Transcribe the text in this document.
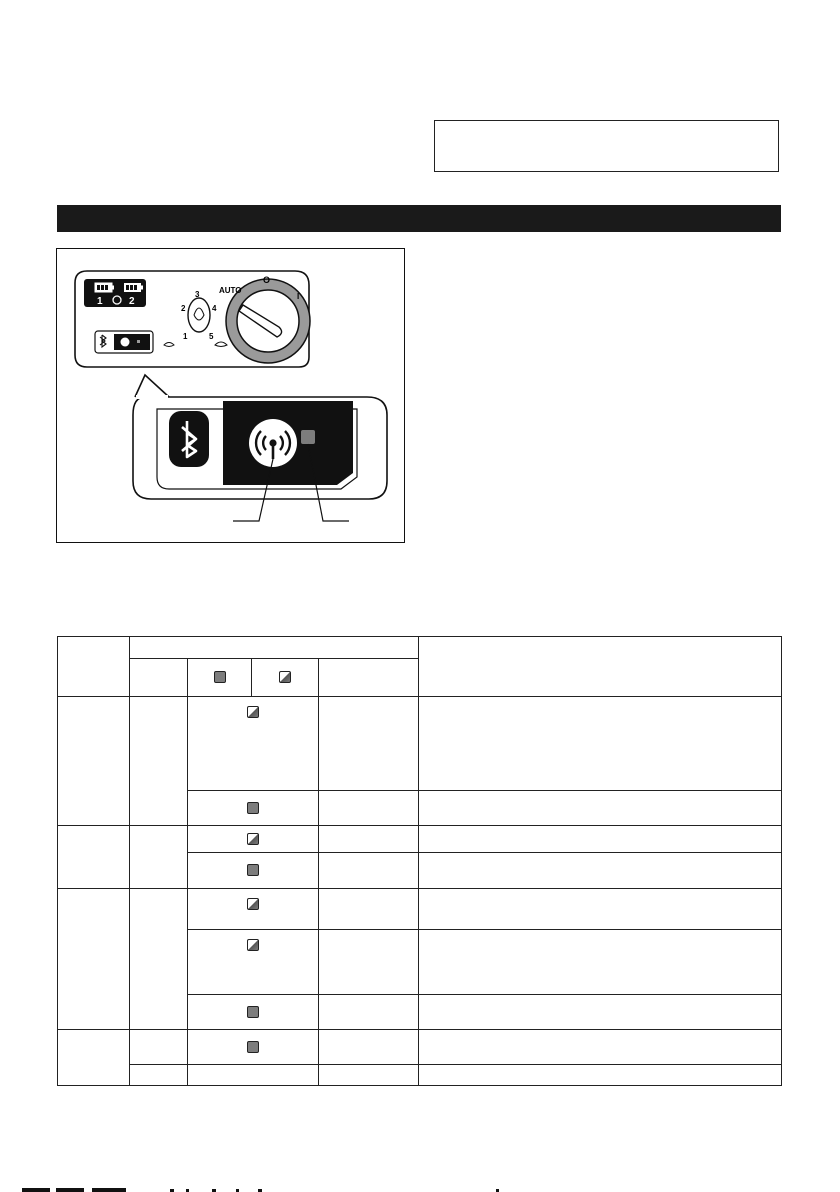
1	2
3
2
1
4
5
AUTO
O
I
